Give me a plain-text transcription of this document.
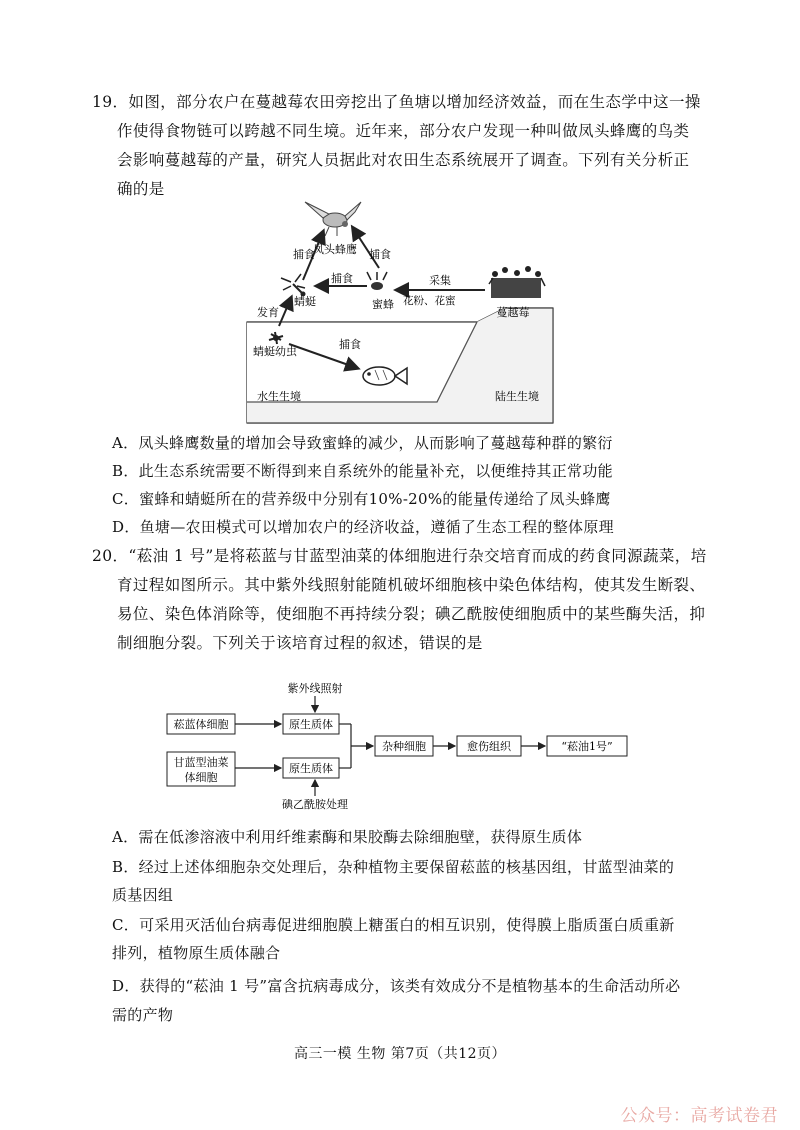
19．如图，部分农户在蔓越莓农田旁挖出了鱼塘以增加经济效益，而在生态学中这一操
作使得食物链可以跨越不同生境。近年来，部分农户发现一种叫做凤头蜂鹰的鸟类
会影响蔓越莓的产量，研究人员据此对农田生态系统展开了调查。下列有关分析正
确的是
凤头蜂鹰
蜻蜓	蜜蜂
蔓越莓
蜻蜓幼虫
捕食	捕食
捕食
捕食
采集
花粉、花蜜
发育
水生生境	陆生生境
A．凤头蜂鹰数量的增加会导致蜜蜂的减少，从而影响了蔓越莓种群的繁衍
B．此生态系统需要不断得到来自系统外的能量补充，以便维持其正常功能
C．蜜蜂和蜻蜓所在的营养级中分别有10%-20%的能量传递给了凤头蜂鹰
D．鱼塘—农田模式可以增加农户的经济收益，遵循了生态工程的整体原理
20．“菘油 1 号”是将菘蓝与甘蓝型油菜的体细胞进行杂交培育而成的药食同源蔬菜，培
育过程如图所示。其中紫外线照射能随机破坏细胞核中染色体结构，使其发生断裂、
易位、染色体消除等，使细胞不再持续分裂；碘乙酰胺使细胞质中的某些酶失活，抑
制细胞分裂。下列关于该培育过程的叙述，错误的是
紫外线照射
菘蓝体细胞	原生质体
甘蓝型油菜
体细胞
原生质体
碘乙酰胺处理
杂种细胞	愈伤组织	“菘油1号”
A．需在低渗溶液中利用纤维素酶和果胶酶去除细胞壁，获得原生质体
B．经过上述体细胞杂交处理后，杂种植物主要保留菘蓝的核基因组，甘蓝型油菜的
质基因组
C．可采用灭活仙台病毒促进细胞膜上糖蛋白的相互识别，使得膜上脂质蛋白质重新
排列，植物原生质体融合
D．获得的“菘油 1 号”富含抗病毒成分，该类有效成分不是植物基本的生命活动所必
需的产物
高三一模 生物 第7页（共12页）
公众号：高考试卷君
